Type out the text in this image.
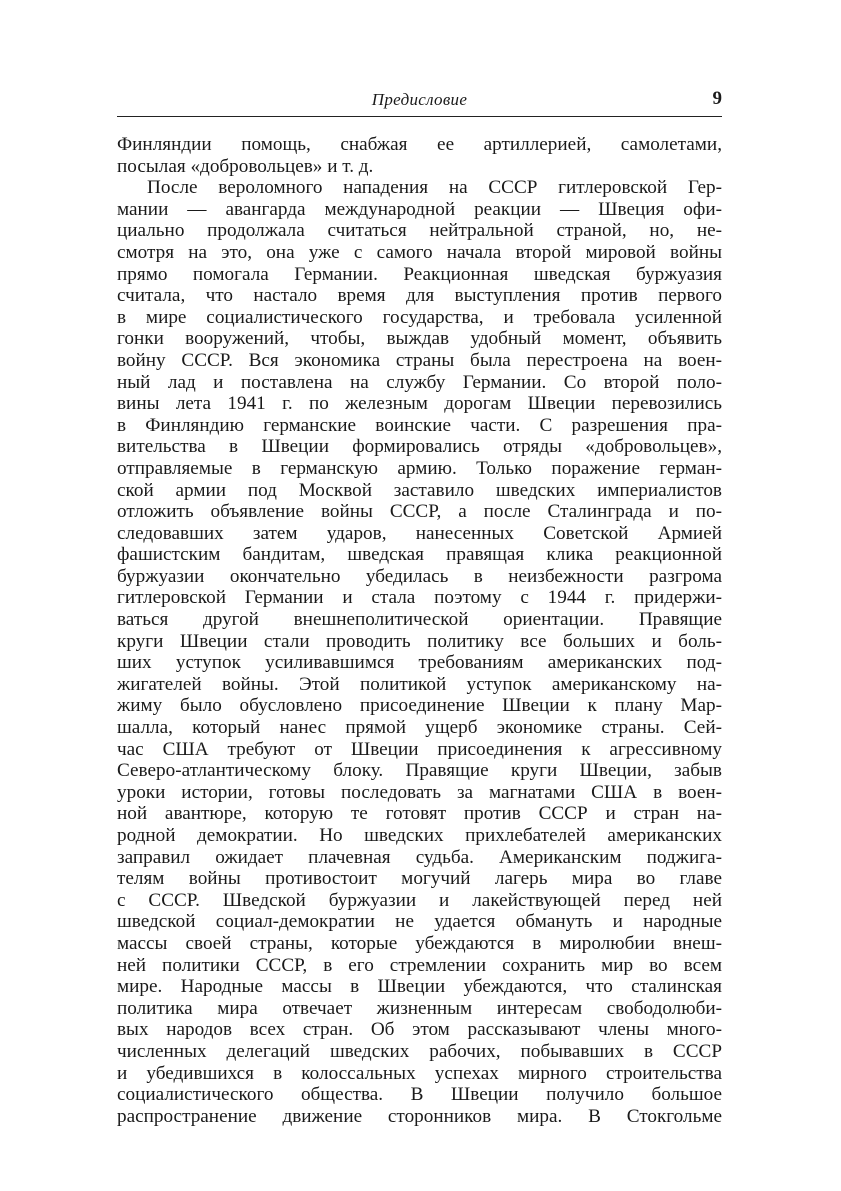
Предисловие	9
Финляндии помощь, снабжая ее артиллерией, самолетами,
посылая «добровольцев» и т. д.
После вероломного нападения на СССР гитлеровской Гер-
мании — авангарда международной реакции — Швеция офи-
циально продолжала считаться нейтральной страной, но, не-
смотря на это, она уже с самого начала второй мировой войны
прямо помогала Германии. Реакционная шведская буржуазия
считала, что настало время для выступления против первого
в мире социалистического государства, и требовала усиленной
гонки вооружений, чтобы, выждав удобный момент, объявить
войну СССР. Вся экономика страны была перестроена на воен-
ный лад и поставлена на службу Германии. Со второй поло-
вины лета 1941 г. по железным дорогам Швеции перевозились
в Финляндию германские воинские части. С разрешения пра-
вительства в Швеции формировались отряды «добровольцев»,
отправляемые в германскую армию. Только поражение герман-
ской армии под Москвой заставило шведских империалистов
отложить объявление войны СССР, а после Сталинграда и по-
следовавших затем ударов, нанесенных Советской Армией
фашистским бандитам, шведская правящая клика реакционной
буржуазии окончательно убедилась в неизбежности разгрома
гитлеровской Германии и стала поэтому с 1944 г. придержи-
ваться другой внешнеполитической ориентации. Правящие
круги Швеции стали проводить политику все больших и боль-
ших уступок усиливавшимся требованиям американских под-
жигателей войны. Этой политикой уступок американскому на-
жиму было обусловлено присоединение Швеции к плану Мар-
шалла, который нанес прямой ущерб экономике страны. Сей-
час США требуют от Швеции присоединения к агрессивному
Северо-атлантическому блоку. Правящие круги Швеции, забыв
уроки истории, готовы последовать за магнатами США в воен-
ной авантюре, которую те готовят против СССР и стран на-
родной демократии. Но шведских прихлебателей американских
заправил ожидает плачевная судьба. Американским поджига-
телям войны противостоит могучий лагерь мира во главе
с СССР. Шведской буржуазии и лакействующей перед ней
шведской социал-демократии не удается обмануть и народные
массы своей страны, которые убеждаются в миролюбии внеш-
ней политики СССР, в его стремлении сохранить мир во всем
мире. Народные массы в Швеции убеждаются, что сталинская
политика мира отвечает жизненным интересам свободолюби-
вых народов всех стран. Об этом рассказывают члены много-
численных делегаций шведских рабочих, побывавших в СССР
и убедившихся в колоссальных успехах мирного строительства
социалистического общества. В Швеции получило большое
распространение движение сторонников мира. В Стокгольме
